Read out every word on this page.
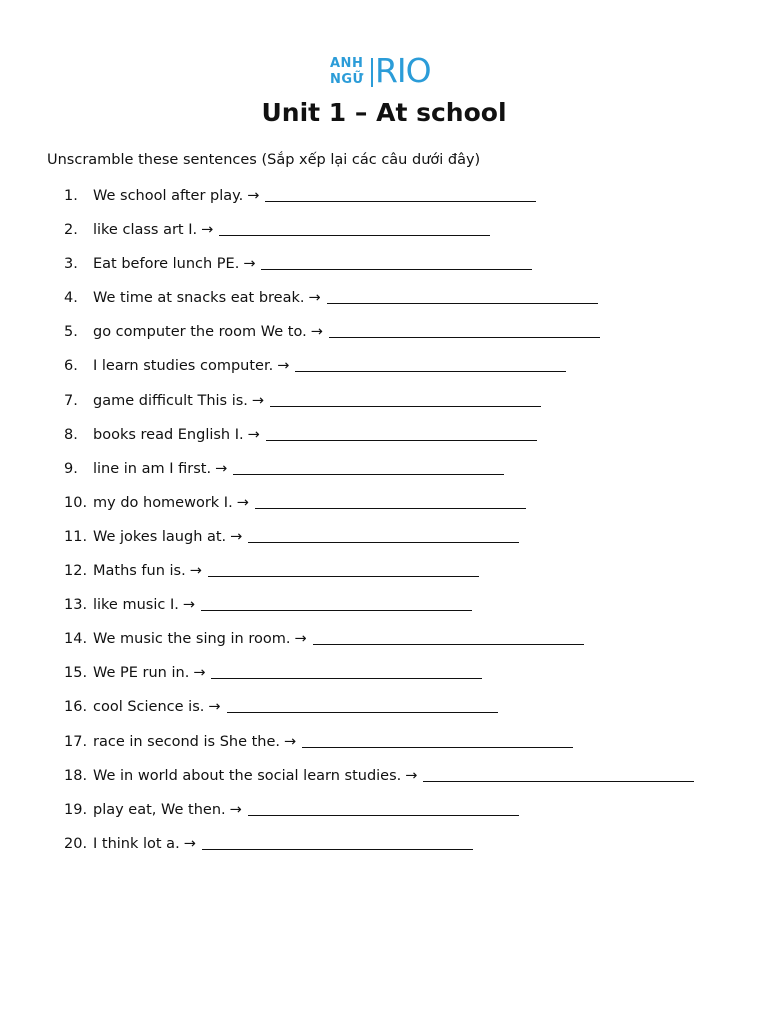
ANH
NGỮ RIO
Unit 1 – At school
Unscramble these sentences (Sắp xếp lại các câu dưới đây)
1. We school after play. →
2. like class art I. →
3. Eat before lunch PE. →
4. We time at snacks eat break. →
5. go computer the room We to. →
6. I learn studies computer. →
7. game difficult This is. →
8. books read English I. →
9. line in am I first. →
10. my do homework I. →
11. We jokes laugh at. →
12. Maths fun is. →
13. like music I. →
14. We music the sing in room. →
15. We PE run in. →
16. cool Science is. →
17. race in second is She the. →
18. We in world about the social learn studies. →
19. play eat, We then. →
20. I think lot a. →
